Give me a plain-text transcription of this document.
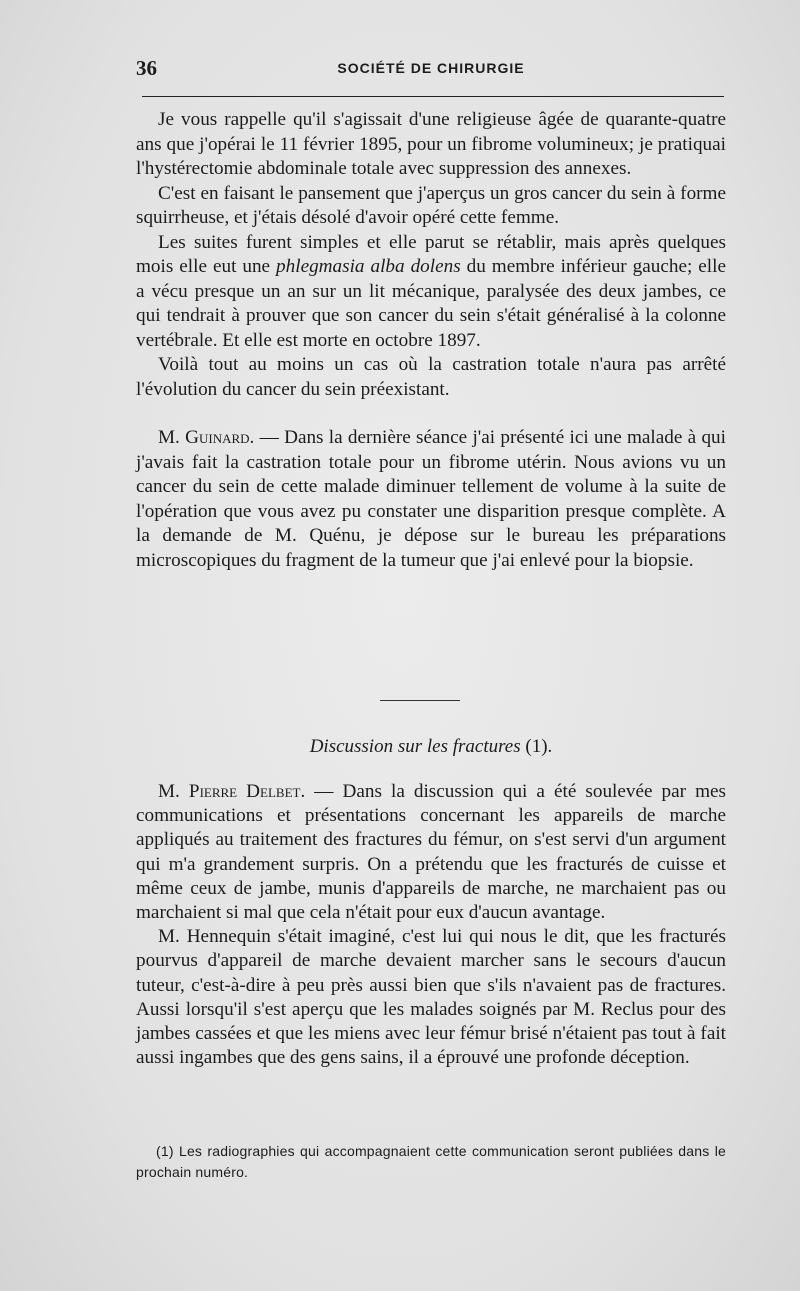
36	SOCIÉTÉ DE CHIRURGIE

Je vous rappelle qu'il s'agissait d'une religieuse âgée de quarante-quatre ans que j'opérai le 11 février 1895, pour un fibrome volumineux; je pratiquai l'hystérectomie abdominale totale avec suppression des annexes.

C'est en faisant le pansement que j'aperçus un gros cancer du sein à forme squirrheuse, et j'étais désolé d'avoir opéré cette femme.

Les suites furent simples et elle parut se rétablir, mais après quelques mois elle eut une phlegmasia alba dolens du membre inférieur gauche; elle a vécu presque un an sur un lit mécanique, paralysée des deux jambes, ce qui tendrait à prouver que son cancer du sein s'était généralisé à la colonne vertébrale. Et elle est morte en octobre 1897.

Voilà tout au moins un cas où la castration totale n'aura pas arrêté l'évolution du cancer du sein préexistant.

M. Guinard. — Dans la dernière séance j'ai présenté ici une malade à qui j'avais fait la castration totale pour un fibrome utérin. Nous avions vu un cancer du sein de cette malade diminuer tellement de volume à la suite de l'opération que vous avez pu constater une disparition presque complète. A la demande de M. Quénu, je dépose sur le bureau les préparations microscopiques du fragment de la tumeur que j'ai enlevé pour la biopsie.

Discussion sur les fractures (1).

M. Pierre Delbet. — Dans la discussion qui a été soulevée par mes communications et présentations concernant les appareils de marche appliqués au traitement des fractures du fémur, on s'est servi d'un argument qui m'a grandement surpris. On a prétendu que les fracturés de cuisse et même ceux de jambe, munis d'appareils de marche, ne marchaient pas ou marchaient si mal que cela n'était pour eux d'aucun avantage.

M. Hennequin s'était imaginé, c'est lui qui nous le dit, que les fracturés pourvus d'appareil de marche devaient marcher sans le secours d'aucun tuteur, c'est-à-dire à peu près aussi bien que s'ils n'avaient pas de fractures. Aussi lorsqu'il s'est aperçu que les malades soignés par M. Reclus pour des jambes cassées et que les miens avec leur fémur brisé n'étaient pas tout à fait aussi ingambes que des gens sains, il a éprouvé une profonde déception.

(1) Les radiographies qui accompagnaient cette communication seront publiées dans le prochain numéro.
